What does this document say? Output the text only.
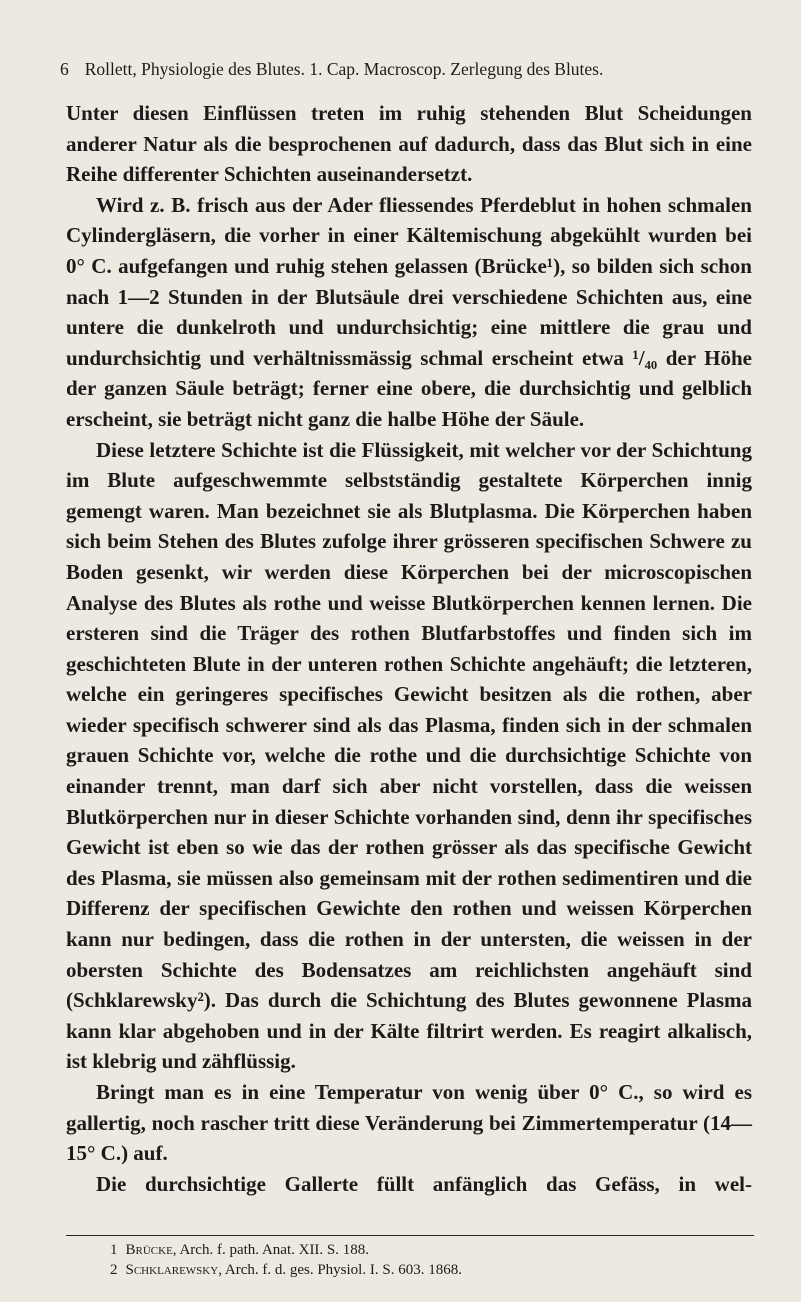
6 Rollett, Physiologie des Blutes. 1. Cap. Macroscop. Zerlegung des Blutes.

Unter diesen Einflüssen treten im ruhig stehenden Blut Scheidungen anderer Natur als die besprochenen auf dadurch, dass das Blut sich in eine Reihe differenter Schichten auseinandersetzt.

Wird z. B. frisch aus der Ader fliessendes Pferdeblut in hohen schmalen Cylindergläsern, die vorher in einer Kältemischung abgekühlt wurden bei 0° C. aufgefangen und ruhig stehen gelassen (Brücke¹), so bilden sich schon nach 1—2 Stunden in der Blutsäule drei verschiedene Schichten aus, eine untere die dunkelroth und undurchsichtig; eine mittlere die grau und undurchsichtig und verhältnissmässig schmal erscheint etwa ¹/₄₀ der Höhe der ganzen Säule beträgt; ferner eine obere, die durchsichtig und gelblich erscheint, sie beträgt nicht ganz die halbe Höhe der Säule.

Diese letztere Schichte ist die Flüssigkeit, mit welcher vor der Schichtung im Blute aufgeschwemmte selbstständig gestaltete Körperchen innig gemengt waren. Man bezeichnet sie als Blutplasma. Die Körperchen haben sich beim Stehen des Blutes zufolge ihrer grösseren specifischen Schwere zu Boden gesenkt, wir werden diese Körperchen bei der microscopischen Analyse des Blutes als rothe und weisse Blutkörperchen kennen lernen. Die ersteren sind die Träger des rothen Blutfarbstoffes und finden sich im geschichteten Blute in der unteren rothen Schichte angehäuft; die letzteren, welche ein geringeres specifisches Gewicht besitzen als die rothen, aber wieder specifisch schwerer sind als das Plasma, finden sich in der schmalen grauen Schichte vor, welche die rothe und die durchsichtige Schichte von einander trennt, man darf sich aber nicht vorstellen, dass die weissen Blutkörperchen nur in dieser Schichte vorhanden sind, denn ihr specifisches Gewicht ist eben so wie das der rothen grösser als das specifische Gewicht des Plasma, sie müssen also gemeinsam mit der rothen sedimentiren und die Differenz der specifischen Gewichte den rothen und weissen Körperchen kann nur bedingen, dass die rothen in der untersten, die weissen in der obersten Schichte des Bodensatzes am reichlichsten angehäuft sind (Schklarewsky²). Das durch die Schichtung des Blutes gewonnene Plasma kann klar abgehoben und in der Kälte filtrirt werden. Es reagirt alkalisch, ist klebrig und zähflüssig.

Bringt man es in eine Temperatur von wenig über 0° C., so wird es gallertig, noch rascher tritt diese Veränderung bei Zimmertemperatur (14—15° C.) auf.

Die durchsichtige Gallerte füllt anfänglich das Gefäss, in wel-

1 Brücke, Arch. f. path. Anat. XII. S. 188.
2 Schklarewsky, Arch. f. d. ges. Physiol. I. S. 603. 1868.
